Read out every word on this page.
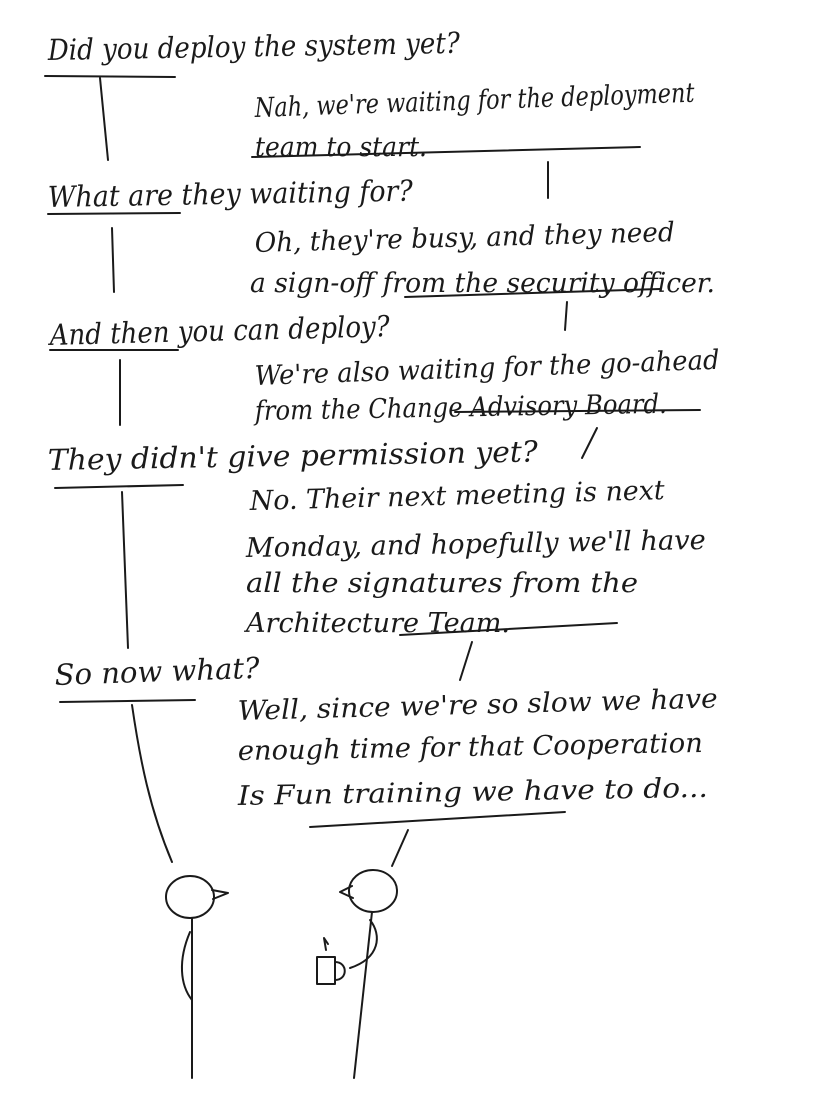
Did you deploy the system yet?
Nah, we're waiting for the deployment
team to start.
What are they waiting for?
Oh, they're busy, and they need
a sign-off from the security officer.
And then you can deploy?
We're also waiting for the go-ahead
from the Change Advisory Board.
They didn't give permission yet?
No. Their next meeting is next
Monday, and hopefully we'll have
all the signatures from the
Architecture Team.
So now what?
Well, since we're so slow we have
enough time for that Cooperation
Is Fun training we have to do...
